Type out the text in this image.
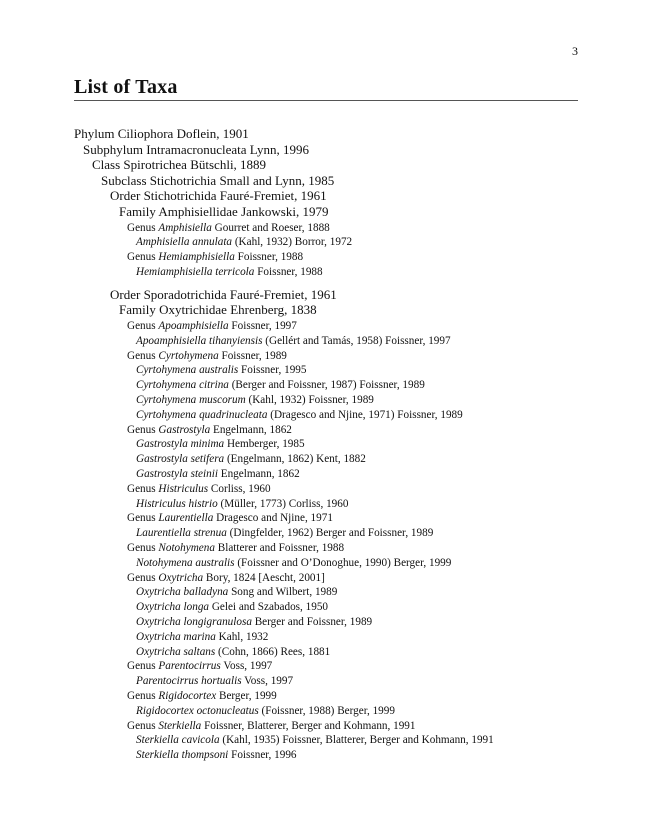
3
List of Taxa
Phylum Ciliophora Doflein, 1901
Subphylum Intramacronucleata Lynn, 1996
Class Spirotrichea Bütschli, 1889
Subclass Stichotrichia Small and Lynn, 1985
Order Stichotrichida Fauré-Fremiet, 1961
Family Amphisiellidae Jankowski, 1979
Genus Amphisiella Gourret and Roeser, 1888
Amphisiella annulata (Kahl, 1932) Borror, 1972
Genus Hemiamphisiella Foissner, 1988
Hemiamphisiella terricola Foissner, 1988
Order Sporadotrichida Fauré-Fremiet, 1961
Family Oxytrichidae Ehrenberg, 1838
Genus Apoamphisiella Foissner, 1997
Apoamphisiella tihanyiensis (Gellért and Tamás, 1958) Foissner, 1997
Genus Cyrtohymena Foissner, 1989
Cyrtohymena australis Foissner, 1995
Cyrtohymena citrina (Berger and Foissner, 1987) Foissner, 1989
Cyrtohymena muscorum (Kahl, 1932) Foissner, 1989
Cyrtohymena quadrinucleata (Dragesco and Njine, 1971) Foissner, 1989
Genus Gastrostyla Engelmann, 1862
Gastrostyla minima Hemberger, 1985
Gastrostyla setifera (Engelmann, 1862) Kent, 1882
Gastrostyla steinii Engelmann, 1862
Genus Histriculus Corliss, 1960
Histriculus histrio (Müller, 1773) Corliss, 1960
Genus Laurentiella Dragesco and Njine, 1971
Laurentiella strenua (Dingfelder, 1962) Berger and Foissner, 1989
Genus Notohymena Blatterer and Foissner, 1988
Notohymena australis (Foissner and O’Donoghue, 1990) Berger, 1999
Genus Oxytricha Bory, 1824 [Aescht, 2001]
Oxytricha balladyna Song and Wilbert, 1989
Oxytricha longa Gelei and Szabados, 1950
Oxytricha longigranulosa Berger and Foissner, 1989
Oxytricha marina Kahl, 1932
Oxytricha saltans (Cohn, 1866) Rees, 1881
Genus Parentocirrus Voss, 1997
Parentocirrus hortualis Voss, 1997
Genus Rigidocortex Berger, 1999
Rigidocortex octonucleatus (Foissner, 1988) Berger, 1999
Genus Sterkiella Foissner, Blatterer, Berger and Kohmann, 1991
Sterkiella cavicola (Kahl, 1935) Foissner, Blatterer, Berger and Kohmann, 1991
Sterkiella thompsoni Foissner, 1996
